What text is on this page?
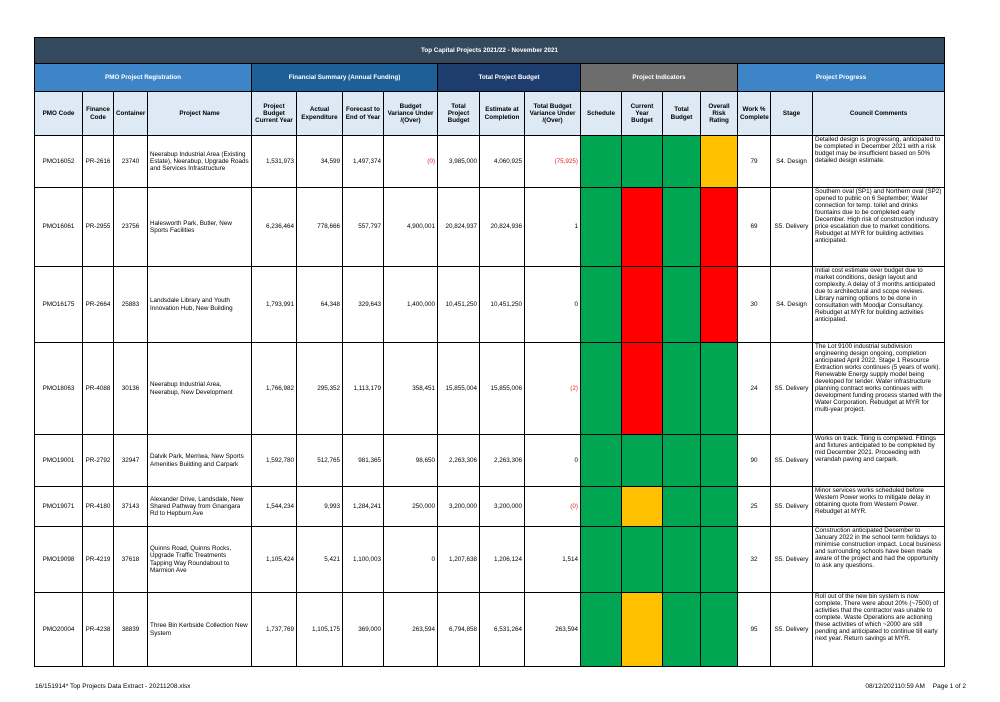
Top Capital Projects 2021/22 - November 2021																	
PMO Project Registration				Financial Summary (Annual Funding)				Total Project Budget			Project Indicators				Project Progress		
PMO Code	Finance Code	Container	Project Name	Project Budget Current Year	Actual Expenditure	Forecast to End of Year	Budget Variance Under /(Over)	Total Project Budget	Estimate at Completion	Total Budget Variance Under /(Over)	Schedule	Current Year Budget	Total Budget	Overall Risk Rating	Work % Complete	Stage	Council Comments
PMO16052	PR-2616	23740	Neerabup Industrial Area (Existing Estate), Neerabup, Upgrade Roads and Services Infrastructure	1,531,973	34,599	1,497,374	(0)	3,985,000	4,060,925	(75,925)					79	S4. Design	Detailed design is progressing, anticipated to be completed in December 2021 with a risk budget may be insufficient based on 50% detailed design estimate.
PMO16061	PR-2955	23756	Halesworth Park, Butler, New Sports Facilities	6,236,464	778,666	557,797	4,900,001	20,824,937	20,824,936	1					69	S5. Delivery	Southern oval (SP1) and Northern oval (SP2) opened to public on 6 September; Water connection for temp. toilet and drinks fountains due to be completed early December. High risk of construction industry price escalation due to market conditions. Rebudget at MYR for building activities anticipated.
PMO16175	PR-2664	25883	Landsdale Library and Youth Innovation Hub, New Building	1,793,991	64,348	329,643	1,400,000	10,451,250	10,451,250	0					30	S4. Design	Initial cost estimate over budget due to market conditions, design layout and complexity. A delay of 3 months anticipated due to architectural and scope reviews. Library naming options to be done in consultation with Moodjar Consultancy. Rebudget at MYR for building activities anticipated.
PMO18063	PR-4088	30136	Neerabup Industrial Area, Neerabup, New Development	1,766,982	295,352	1,113,179	358,451	15,855,004	15,855,006	(2)					24	S5. Delivery	The Lot 9100 industrial subdivision engineering design ongoing, completion anticipated April 2022. Stage 1 Resource Extraction works continues (5 years of work). Renewable Energy supply model being developed for tender. Water infrastructure planning contract works continues with development funding process started with the Water Corporation. Rebudget at MYR for multi-year project.
PMO19001	PR-2792	32947	Dalvik Park, Merriwa, New Sports Amenities Building and Carpark	1,592,780	512,765	981,365	98,650	2,263,306	2,263,306	0					90	S5. Delivery	Works on track. Tiling is completed. Fittings and fixtures anticipated to be completed by mid December 2021. Proceeding with verandah paving and carpark.
PMO19071	PR-4180	37143	Alexander Drive, Landsdale, New Shared Pathway from Gnangara Rd to Hepburn Ave	1,544,234	9,993	1,284,241	250,000	3,200,000	3,200,000	(0)					25	S5. Delivery	Minor services works scheduled before Western Power works to mitigate delay in obtaining quote from Western Power. Rebudget at MYR.
PMO19098	PR-4219	37618	Quinns Road, Quinns Rocks, Upgrade Traffic Treatments Tapping Way Roundabout to Marmion Ave	1,105,424	5,421	1,100,003	0	1,207,638	1,206,124	1,514					32	S5. Delivery	Construction anticipated December to January 2022 in the school term holidays to minimise construction impact. Local business and surrounding schools have been made aware of the project and had the opportunity to ask any questions.
PMO20004	PR-4238	38839	Three Bin Kerbside Collection New System	1,737,769	1,105,175	369,000	263,594	6,794,858	6,531,264	263,594					95	S5. Delivery	Roll out of the new bin system is now complete. There were about 20% (~7500) of activities that the contractor was unable to complete. Waste Operations are actioning these activities of which ~2000 are still pending and anticipated to continue till early next year. Return savings at MYR.
16/151914* Top Projects Data Extract - 20211208.xlsx	08/12/202110:59 AM Page 1 of 2
